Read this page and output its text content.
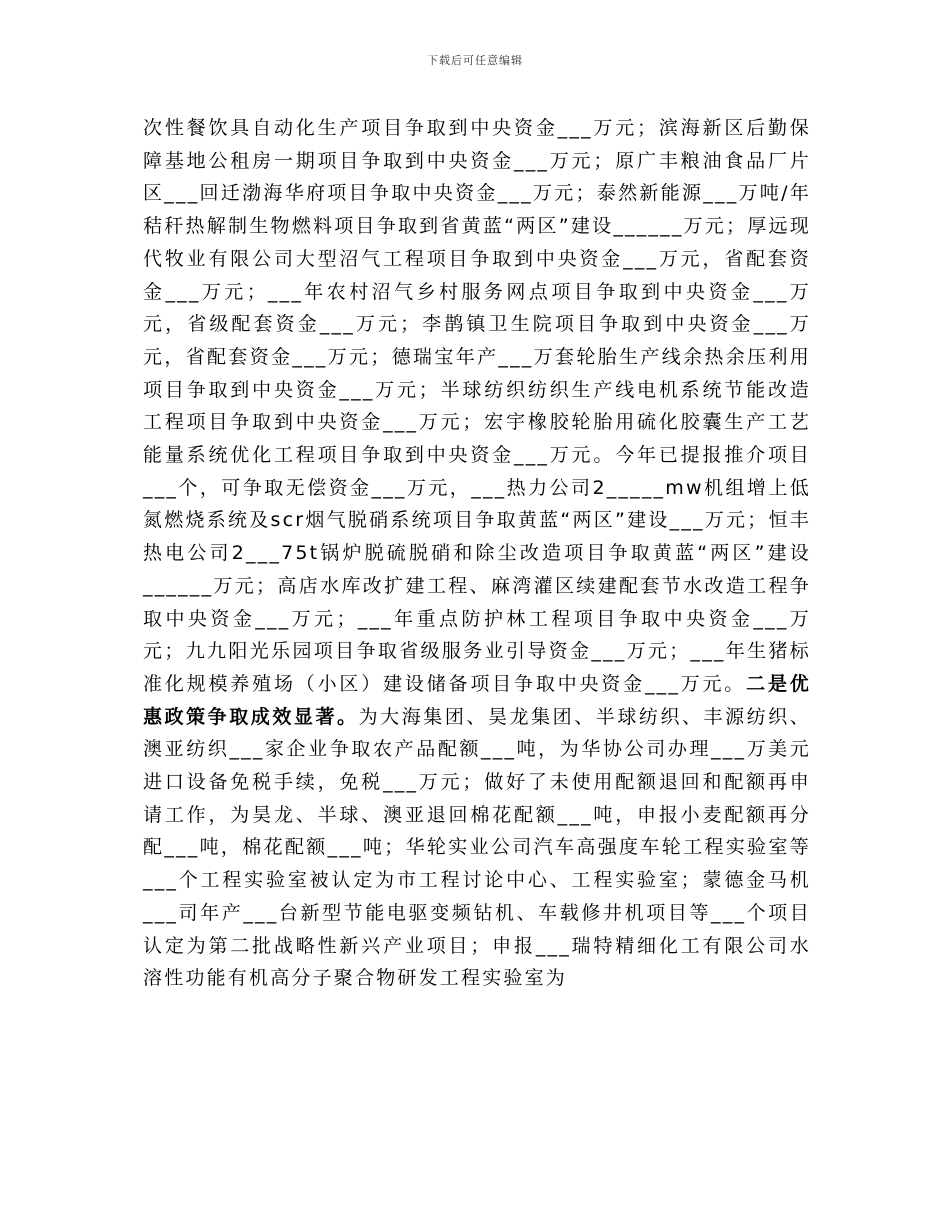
下载后可任意编辑

次性餐饮具自动化生产项目争取到中央资金___万元；滨海新区后勤保障基地公租房一期项目争取到中央资金___万元；原广丰粮油食品厂片区___回迁渤海华府项目争取中央资金___万元；泰然新能源___万吨/年秸秆热解制生物燃料项目争取到省黄蓝“两区”建设______万元；厚远现代牧业有限公司大型沼气工程项目争取到中央资金___万元，省配套资金___万元；___年农村沼气乡村服务网点项目争取到中央资金___万元，省级配套资金___万元；李鹊镇卫生院项目争取到中央资金___万元，省配套资金___万元；德瑞宝年产___万套轮胎生产线余热余压利用项目争取到中央资金___万元；半球纺织纺织生产线电机系统节能改造工程项目争取到中央资金___万元；宏宇橡胶轮胎用硫化胶囊生产工艺能量系统优化工程项目争取到中央资金___万元。今年已提报推介项目___个，可争取无偿资金___万元，___热力公司2_____mw机组增上低氮燃烧系统及scr烟气脱硝系统项目争取黄蓝“两区”建设___万元；恒丰热电公司2___75t锅炉脱硫脱硝和除尘改造项目争取黄蓝“两区”建设______万元；高店水库改扩建工程、麻湾灌区续建配套节水改造工程争取中央资金___万元；___年重点防护林工程项目争取中央资金___万元；九九阳光乐园项目争取省级服务业引导资金___万元；___年生猪标准化规模养殖场（小区）建设储备项目争取中央资金___万元。二是优惠政策争取成效显著。为大海集团、昊龙集团、半球纺织、丰源纺织、澳亚纺织___家企业争取农产品配额___吨，为华协公司办理___万美元进口设备免税手续，免税___万元；做好了未使用配额退回和配额再申请工作，为昊龙、半球、澳亚退回棉花配额___吨，申报小麦配额再分配___吨，棉花配额___吨；华轮实业公司汽车高强度车轮工程实验室等___个工程实验室被认定为市工程讨论中心、工程实验室；蒙德金马机___司年产___台新型节能电驱变频钻机、车载修井机项目等___个项目认定为第二批战略性新兴产业项目；申报___瑞特精细化工有限公司水溶性功能有机高分子聚合物研发工程实验室为
